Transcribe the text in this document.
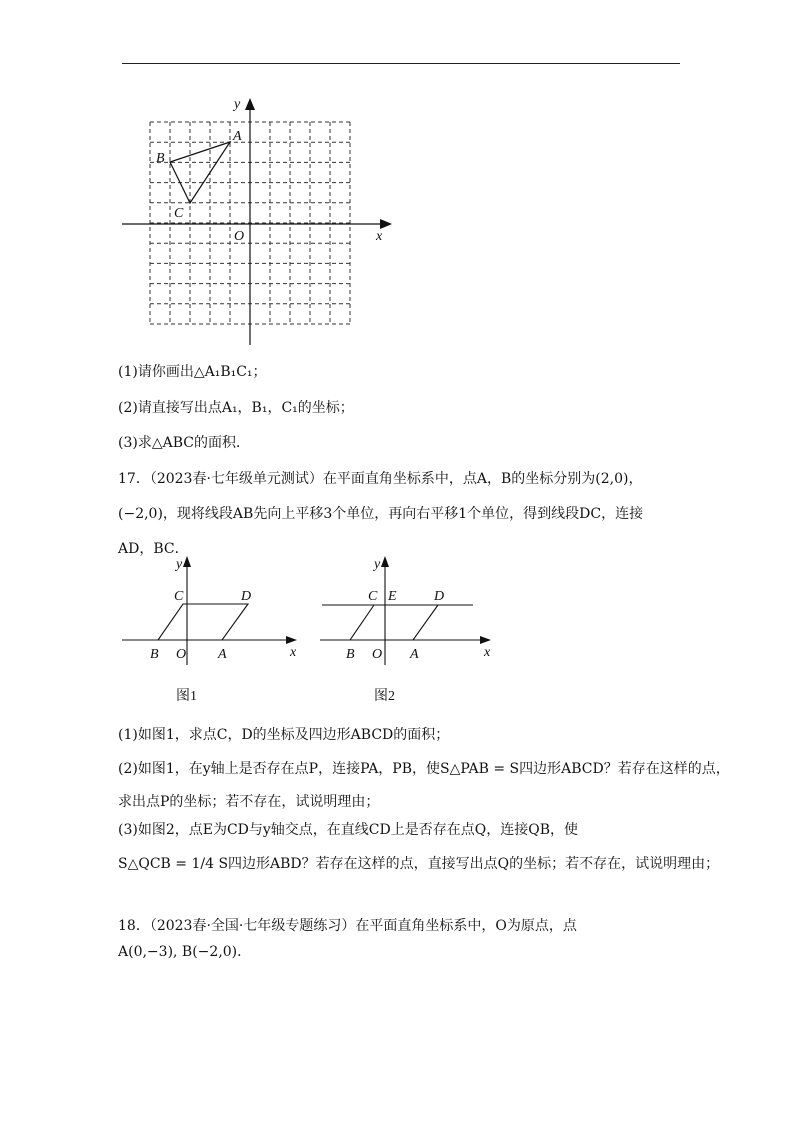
x
y
O
A
B
C
x
y
C	D
B O A
图1
x
y
C E	D
B O A
图2
(1)请你画出△A₁B₁C₁；
(2)请直接写出点A₁，B₁，C₁的坐标；
(3)求△ABC的面积．
17．（2023春·七年级单元测试）在平面直角坐标系中，点A，B的坐标分别为(2,0)，
(−2,0)，现将线段AB先向上平移3个单位，再向右平移1个单位，得到线段DC，连接
AD，BC．
(1)如图1，求点C，D的坐标及四边形ABCD的面积；
(2)如图1，在y轴上是否存在点P，连接PA，PB，使S△PAB = S四边形ABCD？若存在这样的点，
求出点P的坐标；若不存在，试说明理由；
(3)如图2，点E为CD与y轴交点，在直线CD上是否存在点Q，连接QB，使
S△QCB = 1/4 S四边形ABD？若存在这样的点，直接写出点Q的坐标；若不存在，试说明理由；
18．（2023春·全国·七年级专题练习）在平面直角坐标系中，O为原点，点
A(0,−3), B(−2,0)．
